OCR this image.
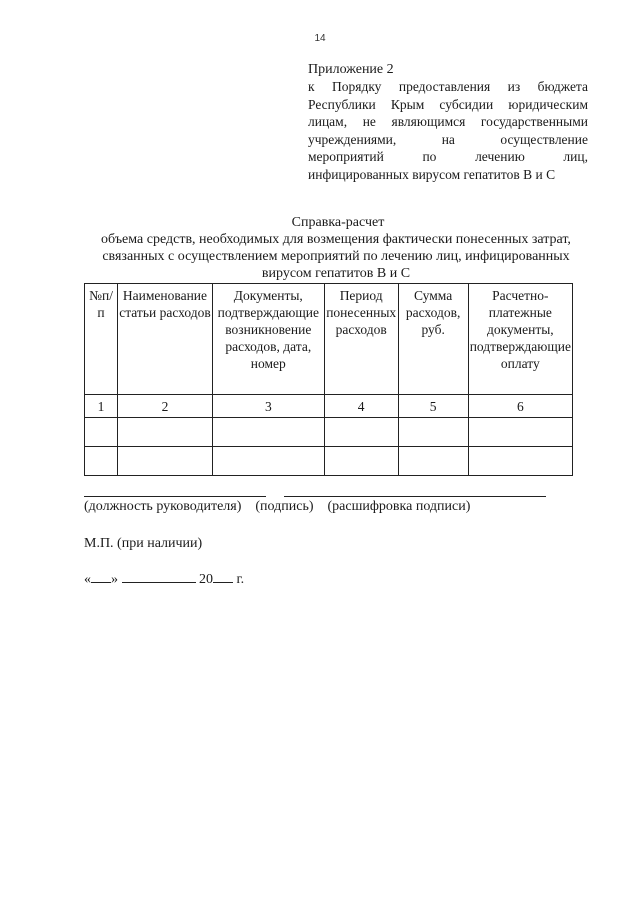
14
Приложение 2
к Порядку предоставления из бюджета
Республики Крым субсидии юридическим
лицам, не являющимся государственными
учреждениями, на осуществление
мероприятий по лечению лиц,
инфицированных вирусом гепатитов В и С
Справка-расчет
объема средств, необходимых для возмещения фактически понесенных затрат, связанных с осуществлением мероприятий по лечению лиц, инфицированных вирусом гепатитов В и С
№п/п	Наименование статьи расходов	Документы, подтверждающие возникновение расходов, дата, номер	Период понесенных расходов	Сумма расходов, руб.	Расчетно-платежные документы, подтверждающие оплату
1	2	3	4	5	6

(должность руководителя)    (подпись)    (расшифровка подписи)
М.П. (при наличии)
« »	20 г.
